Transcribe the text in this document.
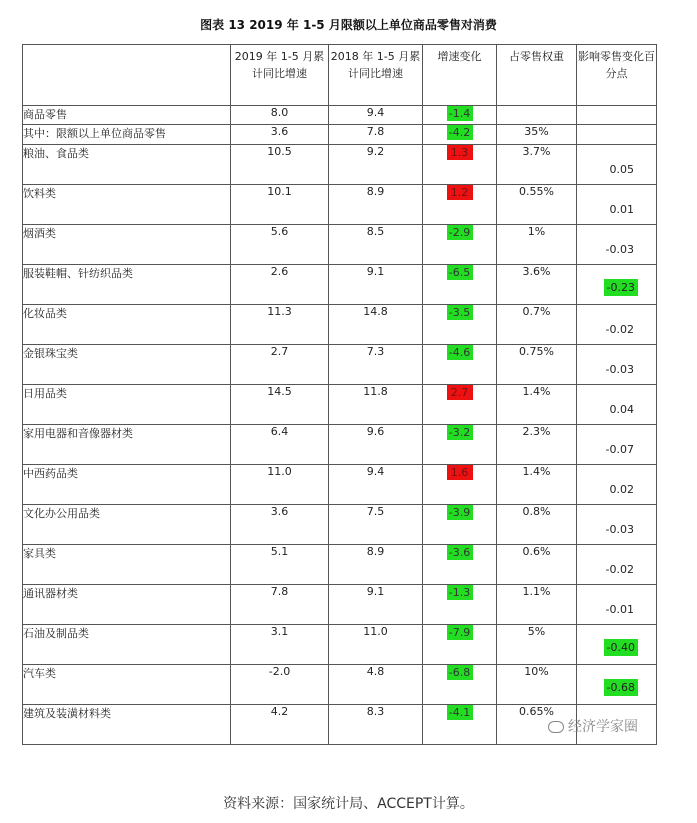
图表 13 2019 年 1-5 月限额以上单位商品零售对消费
	2019 年 1-5 月累计同比增速	2018 年 1-5 月累计同比增速	增速变化	占零售权重	影响零售变化百分点
商品零售	8.0	9.4	-1.4		

其中：限额以上单位商品零售	3.6	7.8	-4.2	35%	

粮油、食品类	10.5	9.2	1.3	3.7%	0.05

饮料类	10.1	8.9	1.2	0.55%	0.01

烟酒类	5.6	8.5	-2.9	1%	-0.03

服装鞋帽、针纺织品类	2.6	9.1	-6.5	3.6%	-0.23

化妆品类	11.3	14.8	-3.5	0.7%	-0.02

金银珠宝类	2.7	7.3	-4.6	0.75%	-0.03

日用品类	14.5	11.8	2.7	1.4%	0.04

家用电器和音像器材类	6.4	9.6	-3.2	2.3%	-0.07

中西药品类	11.0	9.4	1.6	1.4%	0.02

文化办公用品类	3.6	7.5	-3.9	0.8%	-0.03

家具类	5.1	8.9	-3.6	0.6%	-0.02

通讯器材类	7.8	9.1	-1.3	1.1%	-0.01

石油及制品类	3.1	11.0	-7.9	5%	-0.40

汽车类	-2.0	4.8	-6.8	10%	-0.68

建筑及装潢材料类	4.2	8.3	-4.1	0.65%	
经济学家圈
资料来源：国家统计局、ACCEPT计算。
